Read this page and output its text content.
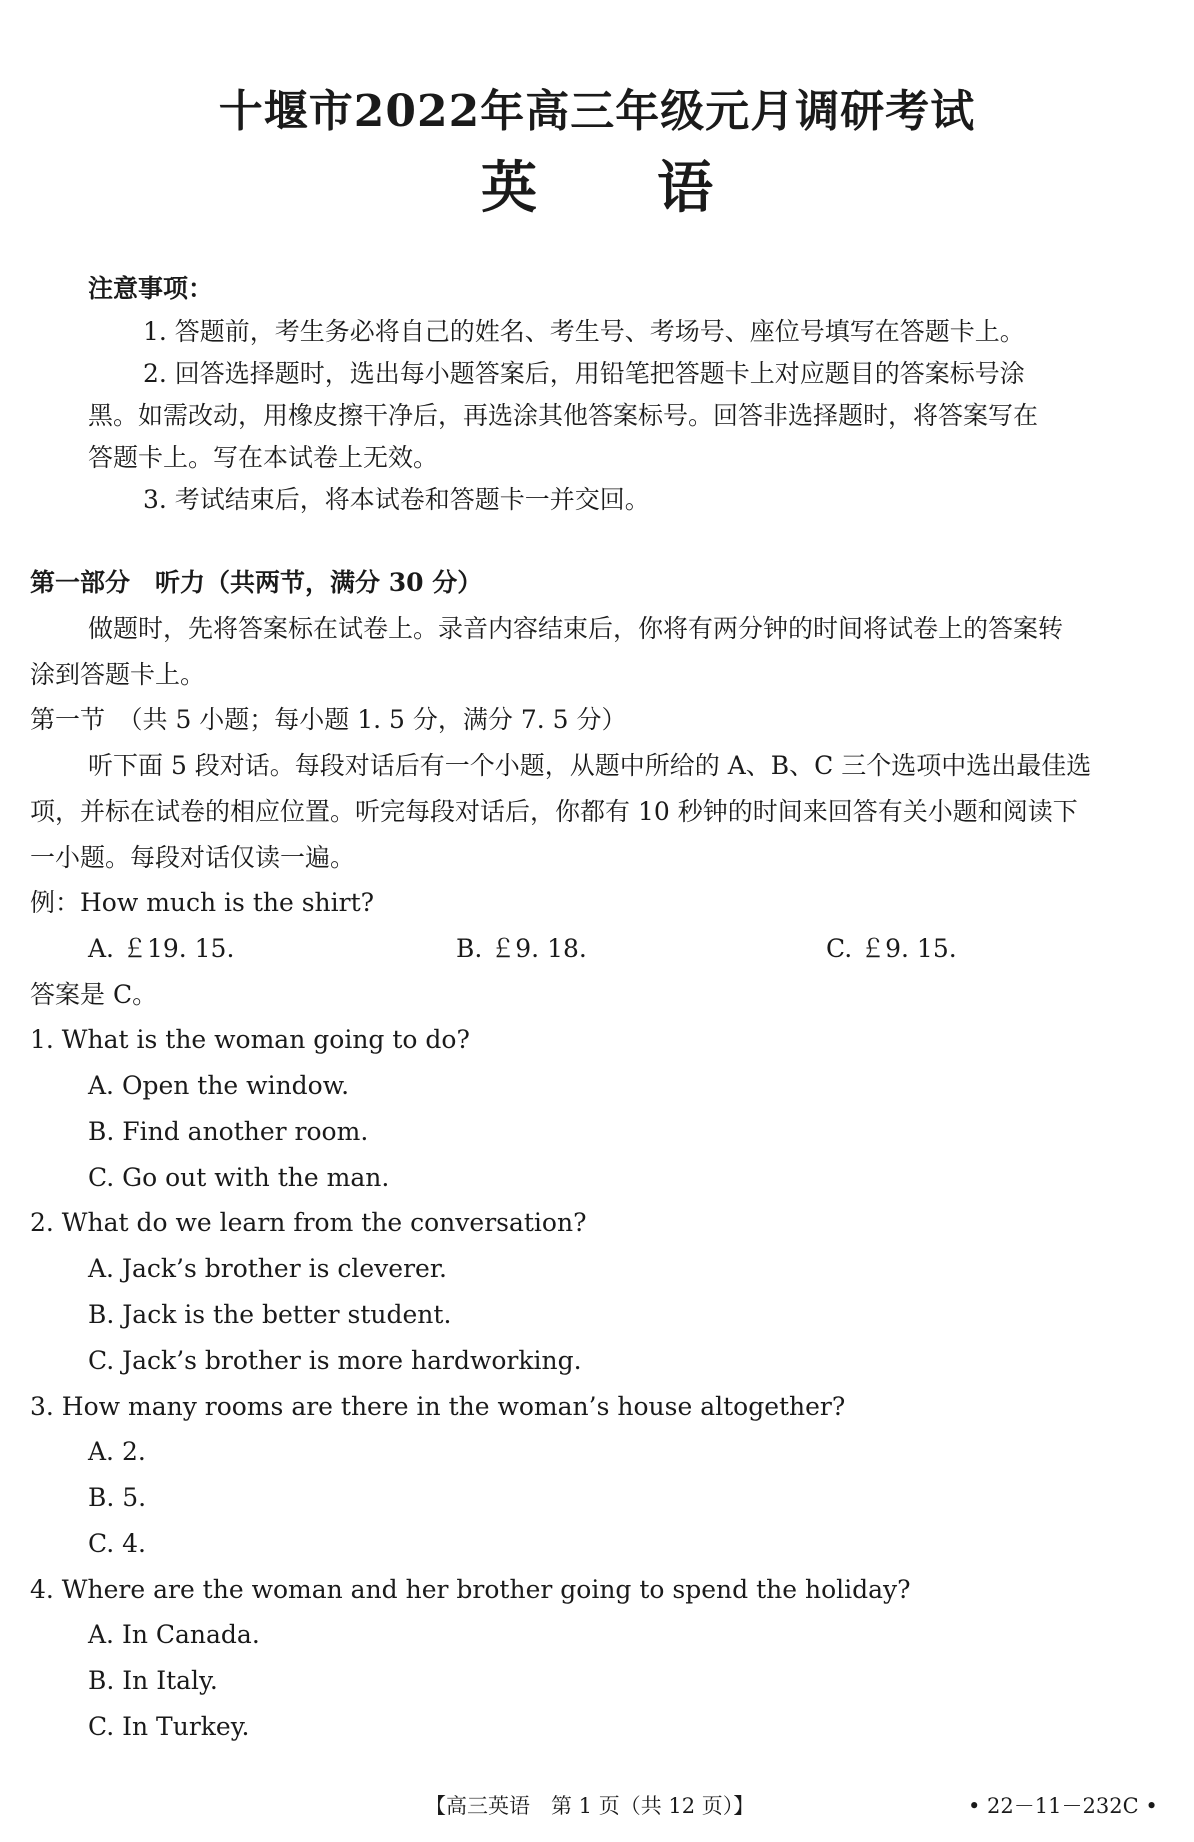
十堰市2022年高三年级元月调研考试
英 语
注意事项：
1. 答题前，考生务必将自己的姓名、考生号、考场号、座位号填写在答题卡上。
2. 回答选择题时，选出每小题答案后，用铅笔把答题卡上对应题目的答案标号涂
黑。如需改动，用橡皮擦干净后，再选涂其他答案标号。回答非选择题时，将答案写在
答题卡上。写在本试卷上无效。
3. 考试结束后，将本试卷和答题卡一并交回。
第一部分　听力（共两节，满分 30 分）
做题时，先将答案标在试卷上。录音内容结束后，你将有两分钟的时间将试卷上的答案转
涂到答题卡上。
第一节　（共 5 小题；每小题 1. 5 分，满分 7. 5 分）
听下面 5 段对话。每段对话后有一个小题，从题中所给的 A、B、C 三个选项中选出最佳选
项，并标在试卷的相应位置。听完每段对话后，你都有 10 秒钟的时间来回答有关小题和阅读下
一小题。每段对话仅读一遍。
例：How much is the shirt?
A. ￡19. 15.	B. ￡9. 18.	C. ￡9. 15.
答案是 C。
1. What is the woman going to do?
A. Open the window.
B. Find another room.
C. Go out with the man.
2. What do we learn from the conversation?
A. Jack’s brother is cleverer.
B. Jack is the better student.
C. Jack’s brother is more hardworking.
3. How many rooms are there in the woman’s house altogether?
A. 2.
B. 5.
C. 4.
4. Where are the woman and her brother going to spend the holiday?
A. In Canada.
B. In Italy.
C. In Turkey.
【高三英语　第 1 页（共 12 页）】	• 22－11－232C •
